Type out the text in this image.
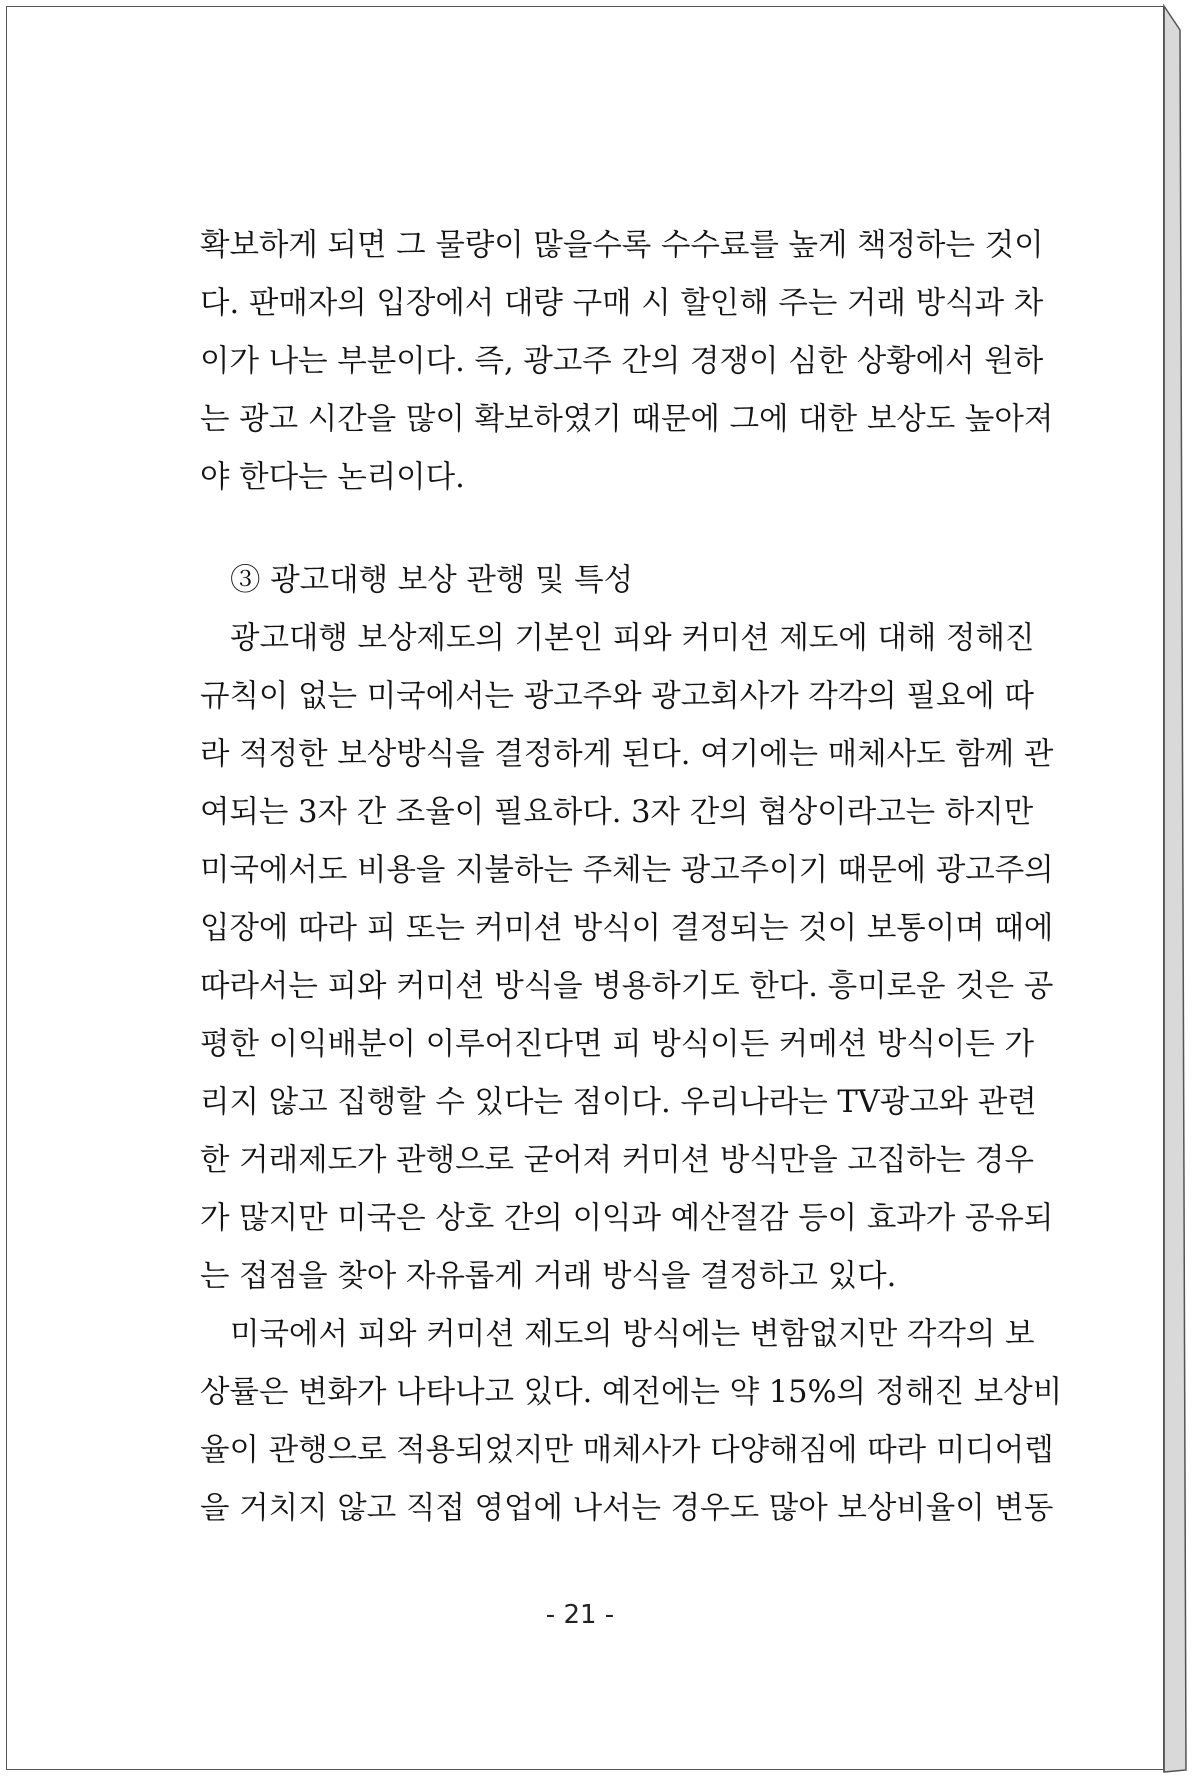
확보하게 되면 그 물량이 많을수록 수수료를 높게 책정하는 것이
다. 판매자의 입장에서 대량 구매 시 할인해 주는 거래 방식과 차
이가 나는 부분이다. 즉, 광고주 간의 경쟁이 심한 상황에서 원하
는 광고 시간을 많이 확보하였기 때문에 그에 대한 보상도 높아져
야 한다는 논리이다.
③ 광고대행 보상 관행 및 특성
광고대행 보상제도의 기본인 피와 커미션 제도에 대해 정해진
규칙이 없는 미국에서는 광고주와 광고회사가 각각의 필요에 따
라 적정한 보상방식을 결정하게 된다. 여기에는 매체사도 함께 관
여되는 3자 간 조율이 필요하다. 3자 간의 협상이라고는 하지만
미국에서도 비용을 지불하는 주체는 광고주이기 때문에 광고주의
입장에 따라 피 또는 커미션 방식이 결정되는 것이 보통이며 때에
따라서는 피와 커미션 방식을 병용하기도 한다. 흥미로운 것은 공
평한 이익배분이 이루어진다면 피 방식이든 커메션 방식이든 가
리지 않고 집행할 수 있다는 점이다. 우리나라는 TV광고와 관련
한 거래제도가 관행으로 굳어져 커미션 방식만을 고집하는 경우
가 많지만 미국은 상호 간의 이익과 예산절감 등이 효과가 공유되
는 접점을 찾아 자유롭게 거래 방식을 결정하고 있다.
미국에서 피와 커미션 제도의 방식에는 변함없지만 각각의 보
상률은 변화가 나타나고 있다. 예전에는 약 15%의 정해진 보상비
율이 관행으로 적용되었지만 매체사가 다양해짐에 따라 미디어렙
을 거치지 않고 직접 영업에 나서는 경우도 많아 보상비율이 변동
- 21 -
